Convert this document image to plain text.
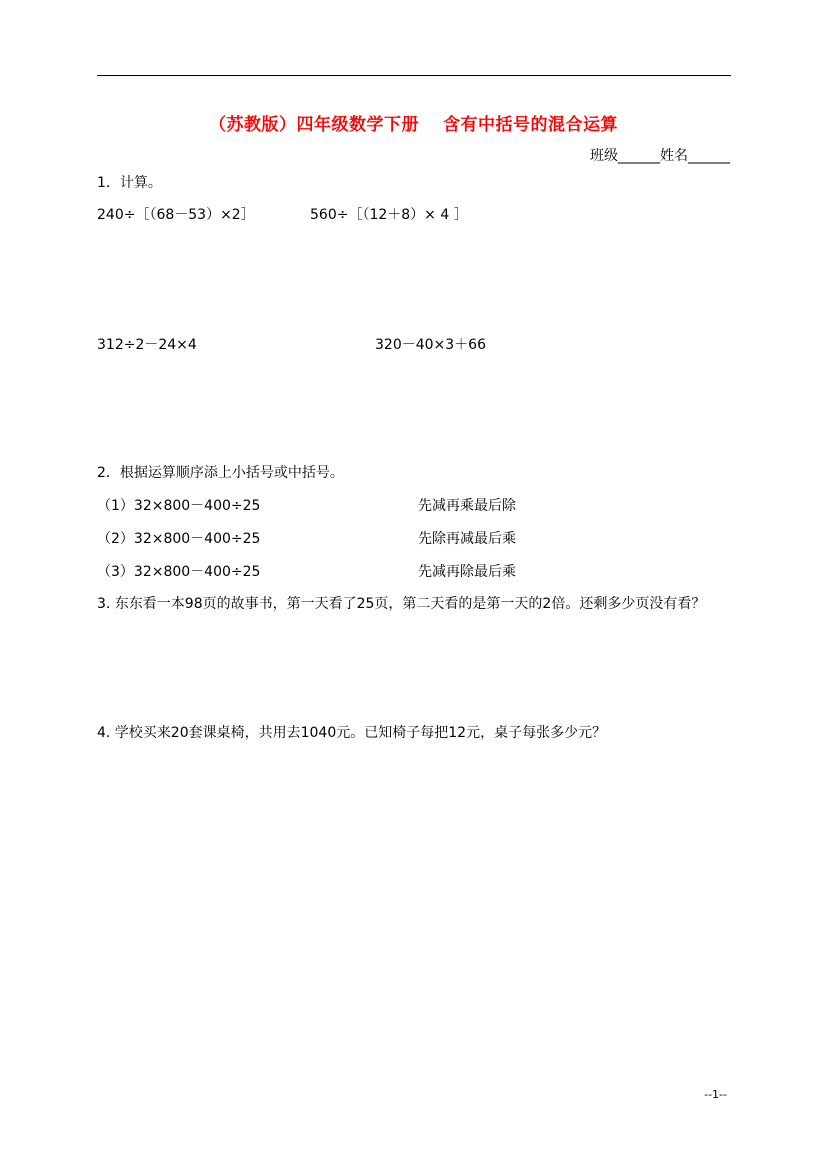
（苏教版）四年级数学下册 含有中括号的混合运算
班级______姓名______
1．计算。
240÷［（68－53）×2］	560÷［（12＋8）× 4 ］
312÷2－24×4	320－40×3＋66
2．根据运算顺序添上小括号或中括号。
（1）32×800－400÷25	先减再乘最后除
（2）32×800－400÷25	先除再减最后乘
（3）32×800－400÷25	先减再除最后乘
3. 东东看一本98页的故事书，第一天看了25页，第二天看的是第一天的2倍。还剩多少页没有看？
4. 学校买来20套课桌椅，共用去1040元。已知椅子每把12元，桌子每张多少元？
--1--
